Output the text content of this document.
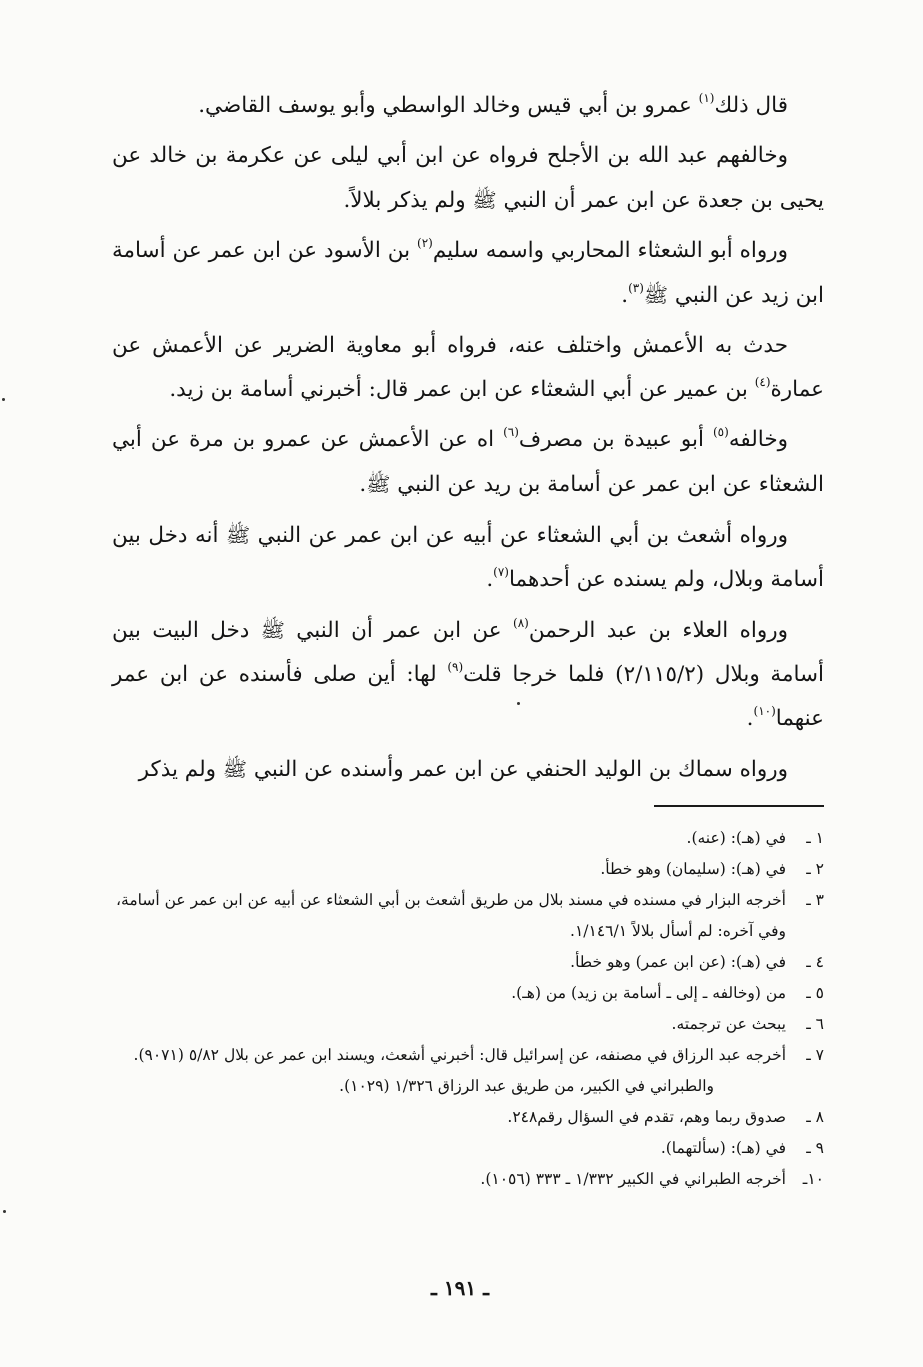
قال ذلك$^{(١)}$ عمرو بن أبي قيس وخالد الواسطي وأبو يوسف القاضي.

وخالفهم عبد الله بن الأجلح فرواه عن ابن أبي ليلى عن عكرمة بن خالد عن يحيى بن جعدة عن ابن عمر أن النبي ﷺ ولم يذكر بلالاً.

ورواه أبو الشعثاء المحاربي واسمه سليم$^{(٢)}$ بن الأسود عن ابن عمر عن أسامة ابن زيد عن النبي ﷺ$^{(٣)}$.

حدث به الأعمش واختلف عنه، فرواه أبو معاوية الضرير عن الأعمش عن عمارة$^{(٤)}$ بن عمير عن أبي الشعثاء عن ابن عمر قال: أخبرني أسامة بن زيد.

وخالفه$^{(٥)}$ أبو عبيدة بن مصرف$^{(٦)}$ اه عن الأعمش عن عمرو بن مرة عن أبي الشعثاء عن ابن عمر عن أسامة بن ريد عن النبي ﷺ.

ورواه أشعث بن أبي الشعثاء عن أبيه عن ابن عمر عن النبي ﷺ أنه دخل بين أسامة وبلال، ولم يسنده عن أحدهما$^{(٧)}$.

ورواه العلاء بن عبد الرحمن$^{(٨)}$ عن ابن عمر أن النبي ﷺ دخل البيت بين أسامة وبلال (٢/١١٥/٢) فلما خرجا قلت$^{(٩)}$ لها: أين صلى فأسنده عن ابن عمر عنهما$^{(١٠)}$.

ورواه سماك بن الوليد الحنفي عن ابن عمر وأسنده عن النبي ﷺ ولم يذكر

١ ـ
في (هـ): (عنه).

٢ ـ
في (هـ): (سليمان) وهو خطأ.

٣ ـ
أخرجه البزار في مسنده في مسند بلال من طريق أشعث بن أبي الشعثاء عن أبيه عن ابن عمر عن أسامة، وفي آخره: لم أسأل بلالاً ١/١٤٦/١.

٤ ـ
في (هـ): (عن ابن عمر) وهو خطأ.

٥ ـ
من (وخالفه ـ إلى ـ أسامة بن زيد) من (هـ).

٦ ـ
يبحث عن ترجمته.

٧ ـ
أخرجه عبد الرزاق في مصنفه، عن إسرائيل قال: أخبرني أشعث، ويسند ابن عمر عن بلال ٥/٨٢ (٩٠٧١).

والطبراني في الكبير، من طريق عبد الرزاق ١/٣٢٦ (١٠٢٩).

٨ ـ
صدوق ربما وهم، تقدم في السؤال رقم٢٤٨.

٩ ـ
في (هـ): (سألتهما).

١٠ـ
أخرجه الطبراني في الكبير ١/٣٣٢ ـ ٣٣٣ (١٠٥٦).

ـ ١٩١ ـ
